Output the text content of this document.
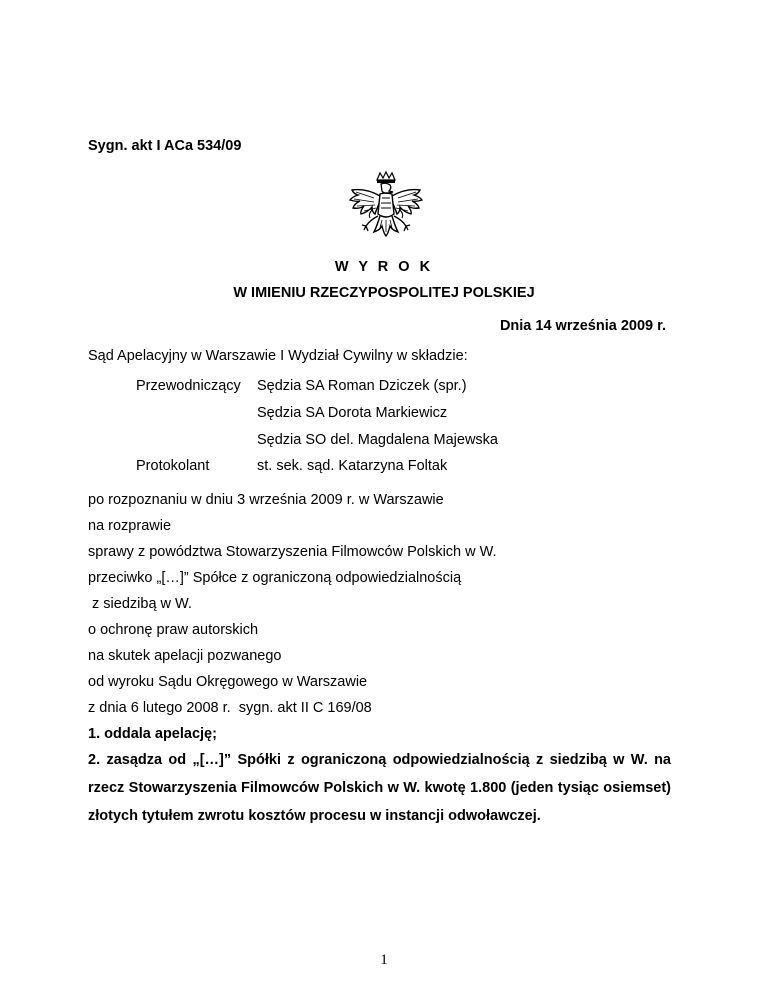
Sygn. akt I ACa 534/09
W Y R O K
W IMIENIU RZECZYPOSPOLITEJ POLSKIEJ
Dnia 14 września 2009 r.
Sąd Apelacyjny w Warszawie I Wydział Cywilny w składzie:
Przewodniczący Sędzia SA Roman Dziczek (spr.)
Sędzia SA Dorota Markiewicz
Sędzia SO del. Magdalena Majewska
Protokolant	st. sek. sąd. Katarzyna Foltak
po rozpoznaniu w dniu 3 września 2009 r. w Warszawie
na rozprawie
sprawy z powództwa Stowarzyszenia Filmowców Polskich w W.
przeciwko „[…]” Spółce z ograniczoną odpowiedzialnością
z siedzibą w W.
o ochronę praw autorskich
na skutek apelacji pozwanego
od wyroku Sądu Okręgowego w Warszawie
z dnia 6 lutego 2008 r.  sygn. akt II C 169/08
1. oddala apelację;
2. zasądza od „[…]” Spółki z ograniczoną odpowiedzialnością z siedzibą w W. na rzecz Stowarzyszenia Filmowców Polskich w W. kwotę 1.800 (jeden tysiąc osiemset) złotych tytułem zwrotu kosztów procesu w instancji odwoławczej.
1
